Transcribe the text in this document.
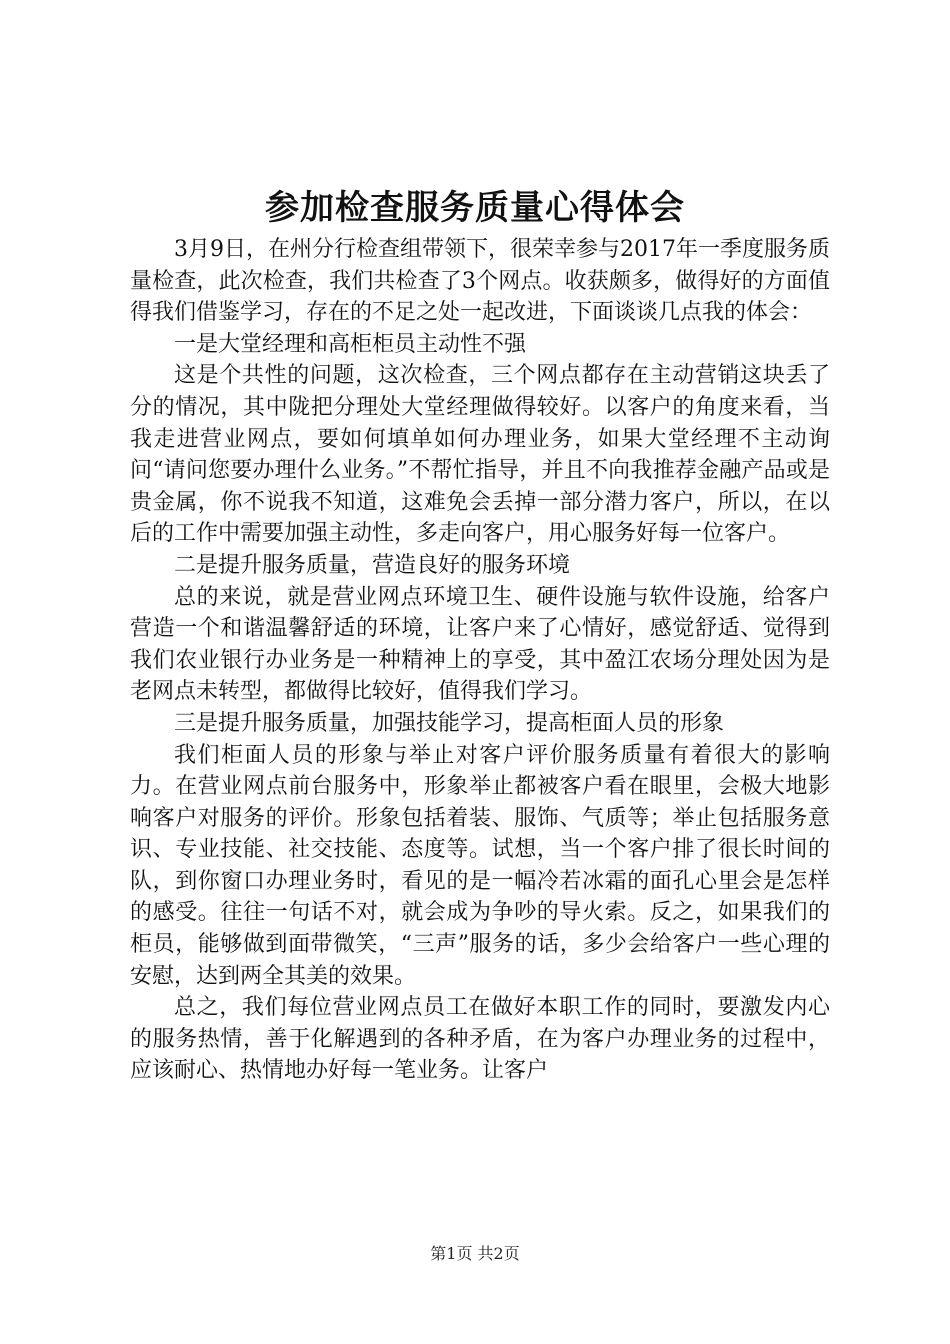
参加检查服务质量心得体会

3月9日，在州分行检查组带领下，很荣幸参与2017年一季度服务质量检查，此次检查，我们共检查了3个网点。收获颇多，做得好的方面值得我们借鉴学习，存在的不足之处一起改进，下面谈谈几点我的体会：

一是大堂经理和高柜柜员主动性不强

这是个共性的问题，这次检查，三个网点都存在主动营销这块丢了分的情况，其中陇把分理处大堂经理做得较好。以客户的角度来看，当我走进营业网点，要如何填单如何办理业务，如果大堂经理不主动询问“请问您要办理什么业务。”不帮忙指导，并且不向我推荐金融产品或是贵金属，你不说我不知道，这难免会丢掉一部分潜力客户，所以，在以后的工作中需要加强主动性，多走向客户，用心服务好每一位客户。

二是提升服务质量，营造良好的服务环境

总的来说，就是营业网点环境卫生、硬件设施与软件设施，给客户营造一个和谐温馨舒适的环境，让客户来了心情好，感觉舒适、觉得到我们农业银行办业务是一种精神上的享受，其中盈江农场分理处因为是老网点未转型，都做得比较好，值得我们学习。

三是提升服务质量，加强技能学习，提高柜面人员的形象

我们柜面人员的形象与举止对客户评价服务质量有着很大的影响力。在营业网点前台服务中，形象举止都被客户看在眼里，会极大地影响客户对服务的评价。形象包括着装、服饰、气质等；举止包括服务意识、专业技能、社交技能、态度等。试想，当一个客户排了很长时间的队，到你窗口办理业务时，看见的是一幅冷若冰霜的面孔心里会是怎样的感受。往往一句话不对，就会成为争吵的导火索。反之，如果我们的柜员，能够做到面带微笑，“三声”服务的话，多少会给客户一些心理的安慰，达到两全其美的效果。

总之，我们每位营业网点员工在做好本职工作的同时，要激发内心的服务热情，善于化解遇到的各种矛盾，在为客户办理业务的过程中，应该耐心、热情地办好每一笔业务。让客户

第1页 共2页
